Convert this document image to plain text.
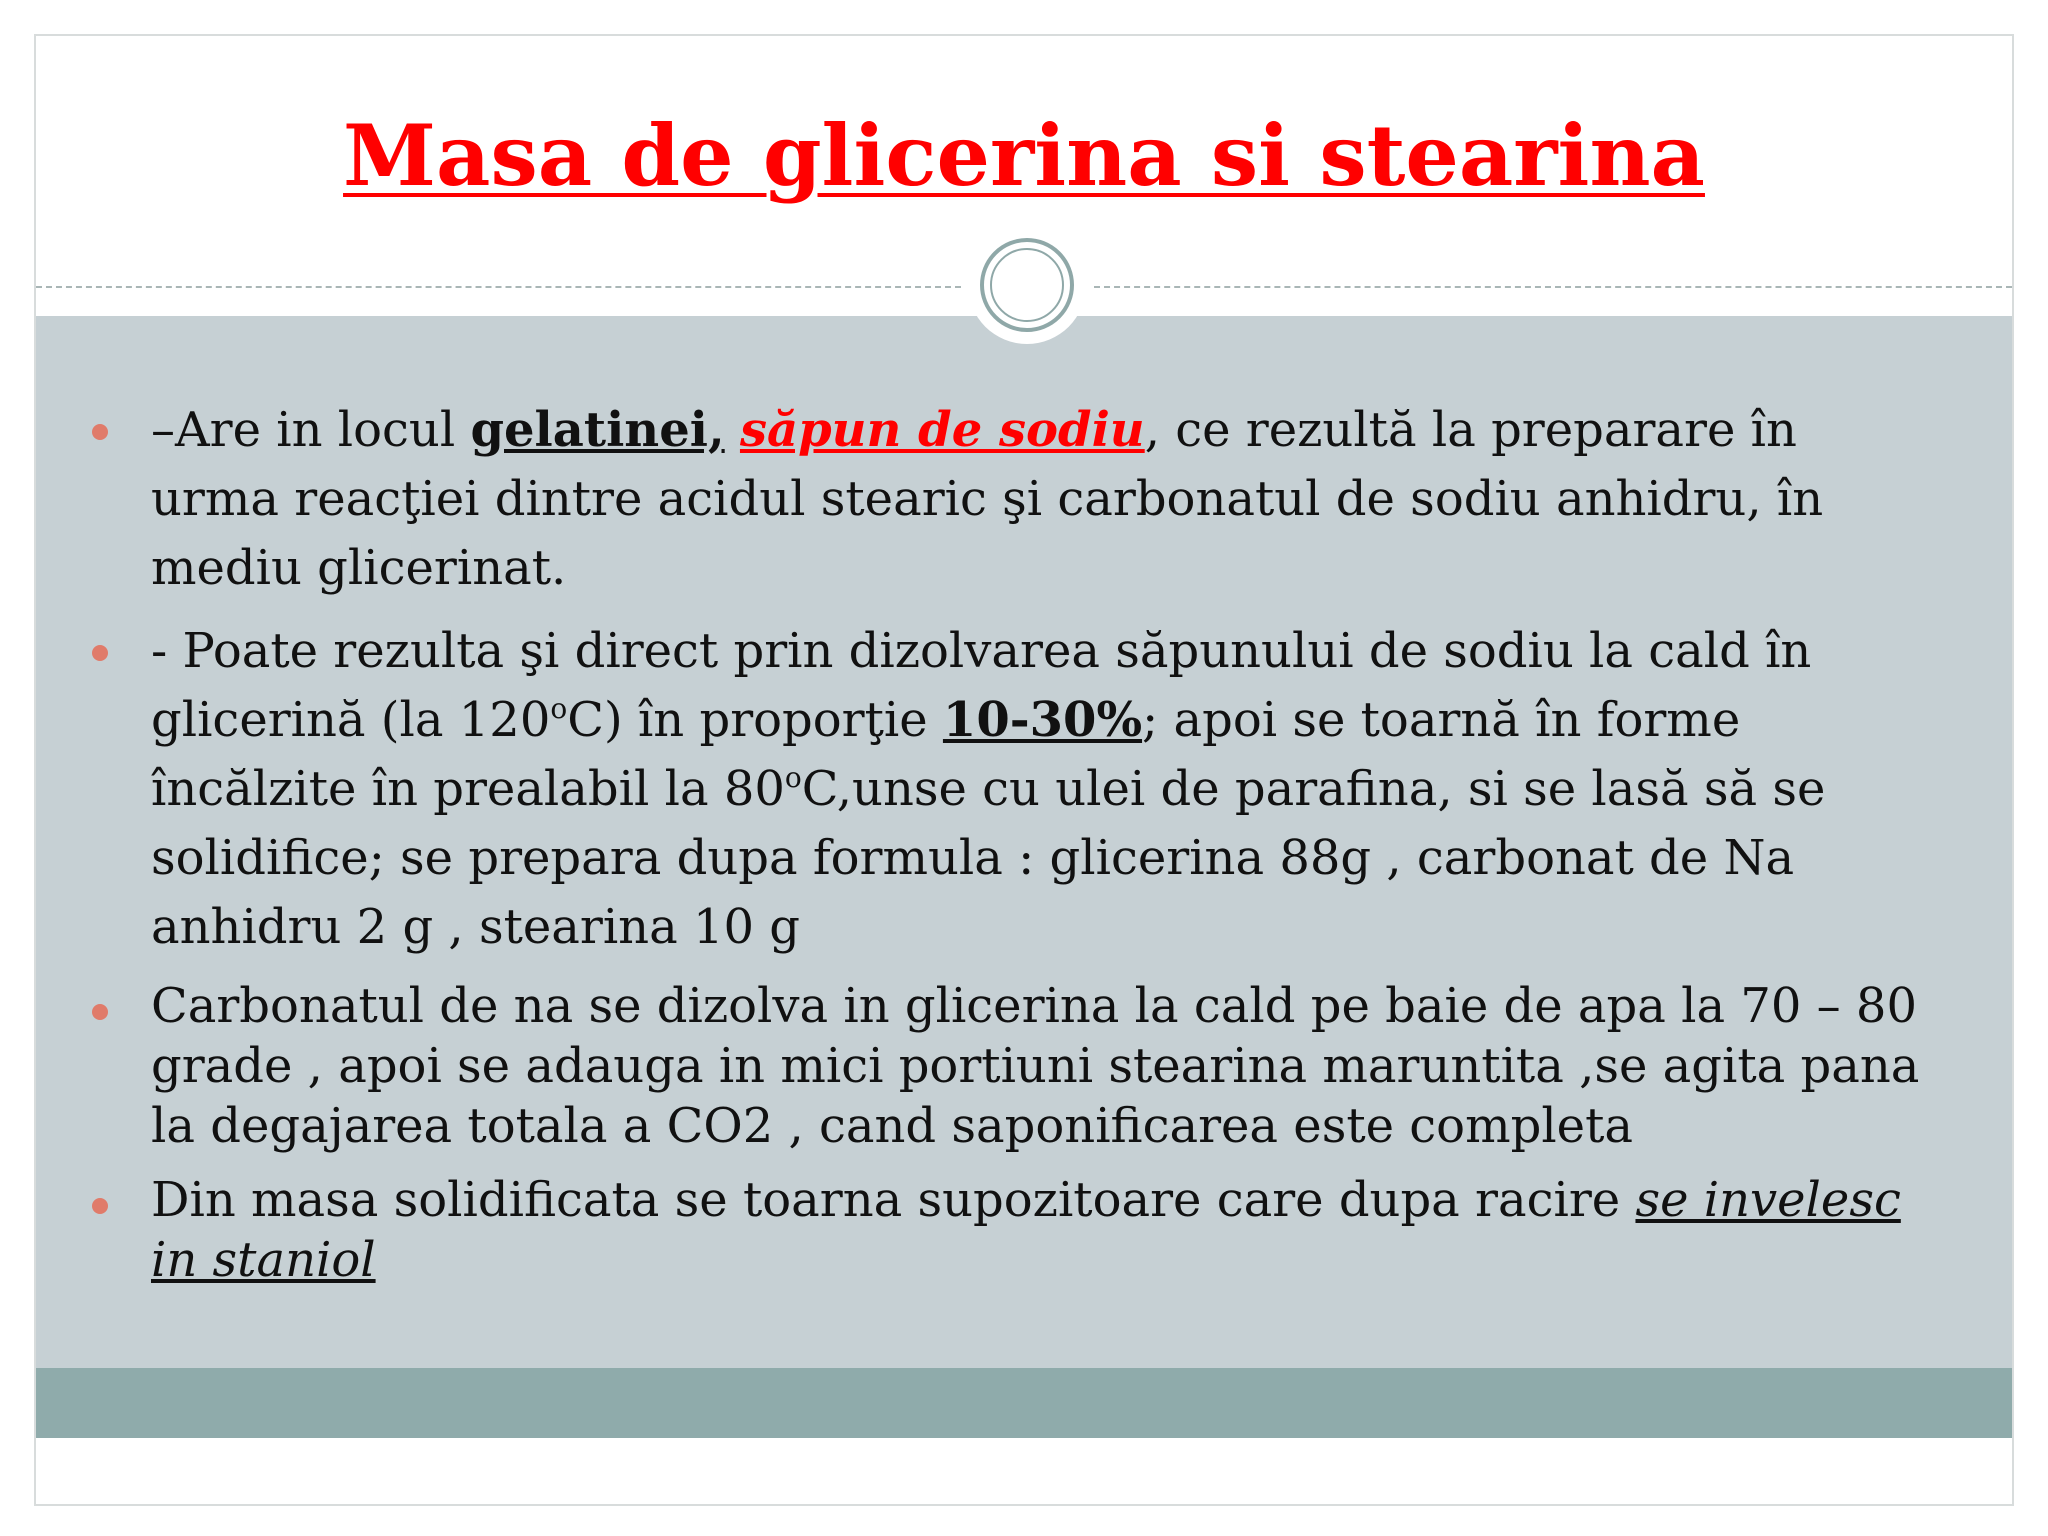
Masa de glicerina si stearina
–Are in locul gelatinei, săpun de sodiu, ce rezultă la preparare în urma reacţiei dintre acidul stearic şi carbonatul de sodiu anhidru, în mediu glicerinat.
- Poate rezulta şi direct prin dizolvarea săpunului de sodiu la cald în glicerină (la 120$^o$C) în proporţie 10-30%; apoi se toarnă în forme încălzite în prealabil la 80$^o$C,unse cu ulei de parafina, si se lasă să se solidifice; se prepara dupa formula : glicerina 88g , carbonat de Na anhidru 2 g , stearina 10 g
Carbonatul de na se dizolva in glicerina la cald pe baie de apa la 70 – 80 grade , apoi se adauga in mici portiuni stearina maruntita ,se agita pana la degajarea totala a CO2 , cand saponificarea este completa
Din masa solidificata se toarna supozitoare care dupa racire se invelesc in staniol
